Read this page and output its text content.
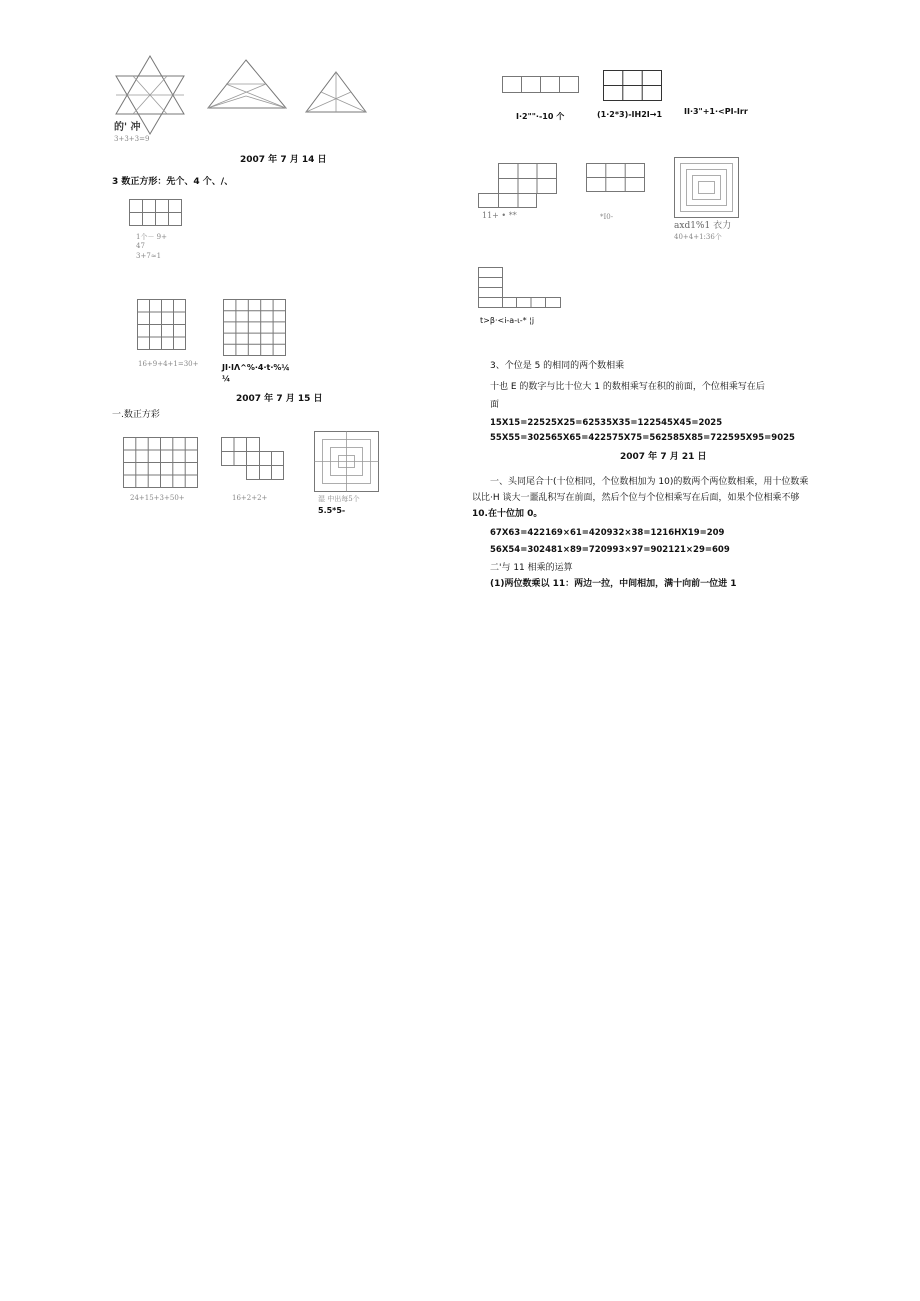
的' 冲
3+3+3=9
2007 年 7 月 14 日
3 数正方形：先个、4 个、/、
1个－ 9+
47
3+7≈1
16+9+4+1=30+	JI·IΛ^%·4·t·%¼
¼
2007 年 7 月 15 日
一.数正方彩
24+15+3+50+	16+2+2+	湿 中出每5个
5.5*5-
I·2""·-10 个	(1·2*3)-IH2I→1	II·3"+1·<PI-Irr
11+ • **	*I0-
axd1%1 衣力
40+4+1:36个
t>β·<i-a-ι-* ¦j
3、个位是 5 的相同的两个数相乘
十也 E 的数字与比十位大 1 的数相乘写在积的前面，个位相乘写在后
面
15X15=22525X25=62535X35=122545X45=2025
55X55=302565X65=422575X75=562585X85=722595X95=9025
2007 年 7 月 21 日
一、头同尾合十(十位相同，个位数相加为 10)的数两个两位数相乘，用十位数乘
以比·H 谈大一噩乱积写在前面，然后个位与个位相乘写在后面，如果个位相乘不够
10.在十位加 0。
67X63=422169×61=420932×38=1216HX19=209
56X54=302481×89=720993×97=902121×29=609
二'与 11 相乘的运算
(1)两位数乘以 11：两边一拉，中间相加，满十向前一位进 1
